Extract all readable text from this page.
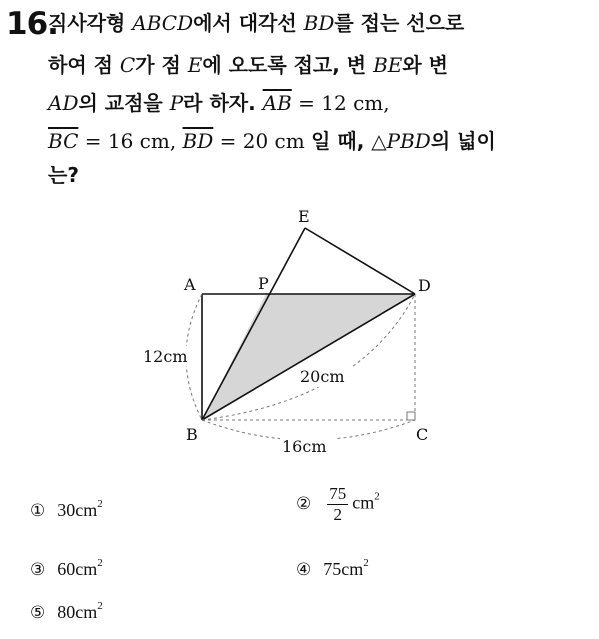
16.
직사각형 ABCD에서 대각선 BD를 접는 선으로
하여 점 C가 점 E에 오도록 접고, 변 BE와 변
AD의 교점을 P라 하자. $\overline{AB} = 12$ cm,
$\overline{BC} = 16$ cm, $\overline{BD} = 20$ cm 일 때, △PBD의 넓이
는?
E
A	P	D
B	C
12cm
20cm
16cm
① $30cm^2$	② $\frac{75}{2} cm^2$
③ $60cm^2$	④ $75cm^2$
⑤ $80cm^2$
